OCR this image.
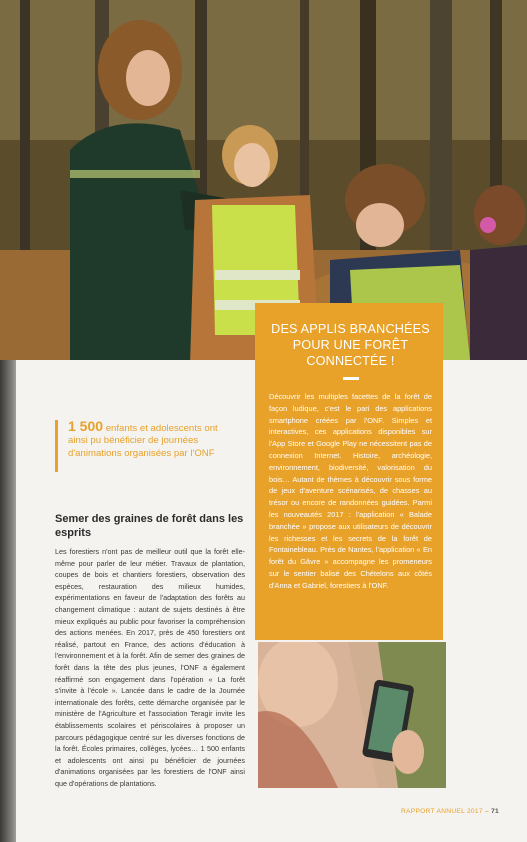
DES APPLIS BRANCHÉES POUR UNE FORÊT CONNECTÉE !

Découvrir les multiples facettes de la forêt de façon ludique, c'est le pari des applications smartphone créées par l'ONF. Simples et interactives, ces applications disponibles sur l'App Store et Google Play ne nécessitent pas de connexion Internet. Histoire, archéologie, environnement, biodiversité, valorisation du bois… Autant de thèmes à découvrir sous forme de jeux d'aventure scénarisés, de chasses au trésor ou encore de randonnées guidées. Parmi les nouveautés 2017 : l'application « Balade branchée » propose aux utilisateurs de découvrir les richesses et les secrets de la forêt de Fontainebleau. Près de Nantes, l'application « En forêt du Gâvre » accompagne les promeneurs sur le sentier balisé des Chételons aux côtés d'Anna et Gabriel, forestiers à l'ONF.

1 500 enfants et adolescents ont ainsi pu bénéficier de journées d'animations organisées par l'ONF
Semer des graines de forêt dans les esprits

Les forestiers n'ont pas de meilleur outil que la forêt elle-même pour parler de leur métier. Travaux de plantation, coupes de bois et chantiers forestiers, observation des espèces, restauration des milieux humides, expérimentations en faveur de l'adaptation des forêts au changement climatique : autant de sujets destinés à être mieux expliqués au public pour favoriser la compréhension des actions menées. En 2017, près de 450 forestiers ont réalisé, partout en France, des actions d'éducation à l'environnement et à la forêt. Afin de semer des graines de forêt dans la tête des plus jeunes, l'ONF a également réaffirmé son engagement dans l'opération « La forêt s'invite à l'école ». Lancée dans le cadre de la Journée internationale des forêts, cette démarche organisée par le ministère de l'Agriculture et l'association Teragir invite les établissements scolaires et périscolaires à proposer un parcours pédagogique centré sur les diverses fonctions de la forêt. Écoles primaires, collèges, lycées… 1 500 enfants et adolescents ont ainsi pu bénéficier de journées d'animations organisées par les forestiers de l'ONF ainsi que d'opérations de plantations.

RAPPORT ANNUEL 2017 – 71
